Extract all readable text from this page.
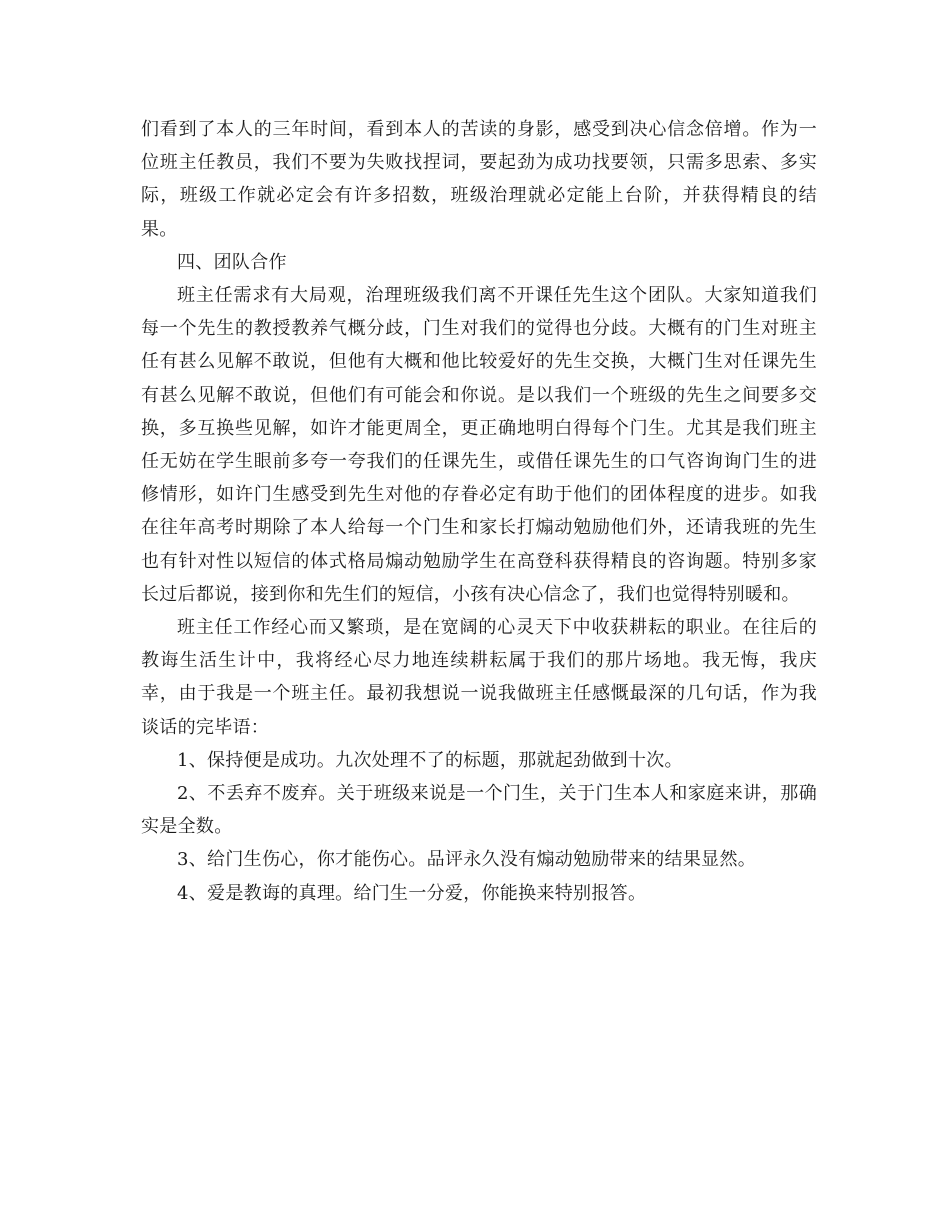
们看到了本人的三年时间，看到本人的苦读的身影，感受到决心信念倍增。作为一位班主任教员，我们不要为失败找捏词，要起劲为成功找要领，只需多思索、多实际，班级工作就必定会有许多招数，班级治理就必定能上台阶，并获得精良的结果。

四、团队合作

班主任需求有大局观，治理班级我们离不开课任先生这个团队。大家知道我们每一个先生的教授教养气概分歧，门生对我们的觉得也分歧。大概有的门生对班主任有甚么见解不敢说，但他有大概和他比较爱好的先生交换，大概门生对任课先生有甚么见解不敢说，但他们有可能会和你说。是以我们一个班级的先生之间要多交换，多互换些见解，如许才能更周全，更正确地明白得每个门生。尤其是我们班主任无妨在学生眼前多夸一夸我们的任课先生，或借任课先生的口气咨询询门生的进修情形，如许门生感受到先生对他的存眷必定有助于他们的团体程度的进步。如我在往年高考时期除了本人给每一个门生和家长打煽动勉励他们外，还请我班的先生也有针对性以短信的体式格局煽动勉励学生在高登科获得精良的咨询题。特别多家长过后都说，接到你和先生们的短信，小孩有决心信念了，我们也觉得特别暖和。

班主任工作经心而又繁琐，是在宽阔的心灵天下中收获耕耘的职业。在往后的教诲生活生计中，我将经心尽力地连续耕耘属于我们的那片场地。我无悔，我庆幸，由于我是一个班主任。最初我想说一说我做班主任感慨最深的几句话，作为我谈话的完毕语：

1、保持便是成功。九次处理不了的标题，那就起劲做到十次。

2、不丢弃不废弃。关于班级来说是一个门生，关于门生本人和家庭来讲，那确实是全数。

3、给门生伤心，你才能伤心。品评永久没有煽动勉励带来的结果显然。

4、爱是教诲的真理。给门生一分爱，你能换来特别报答。
